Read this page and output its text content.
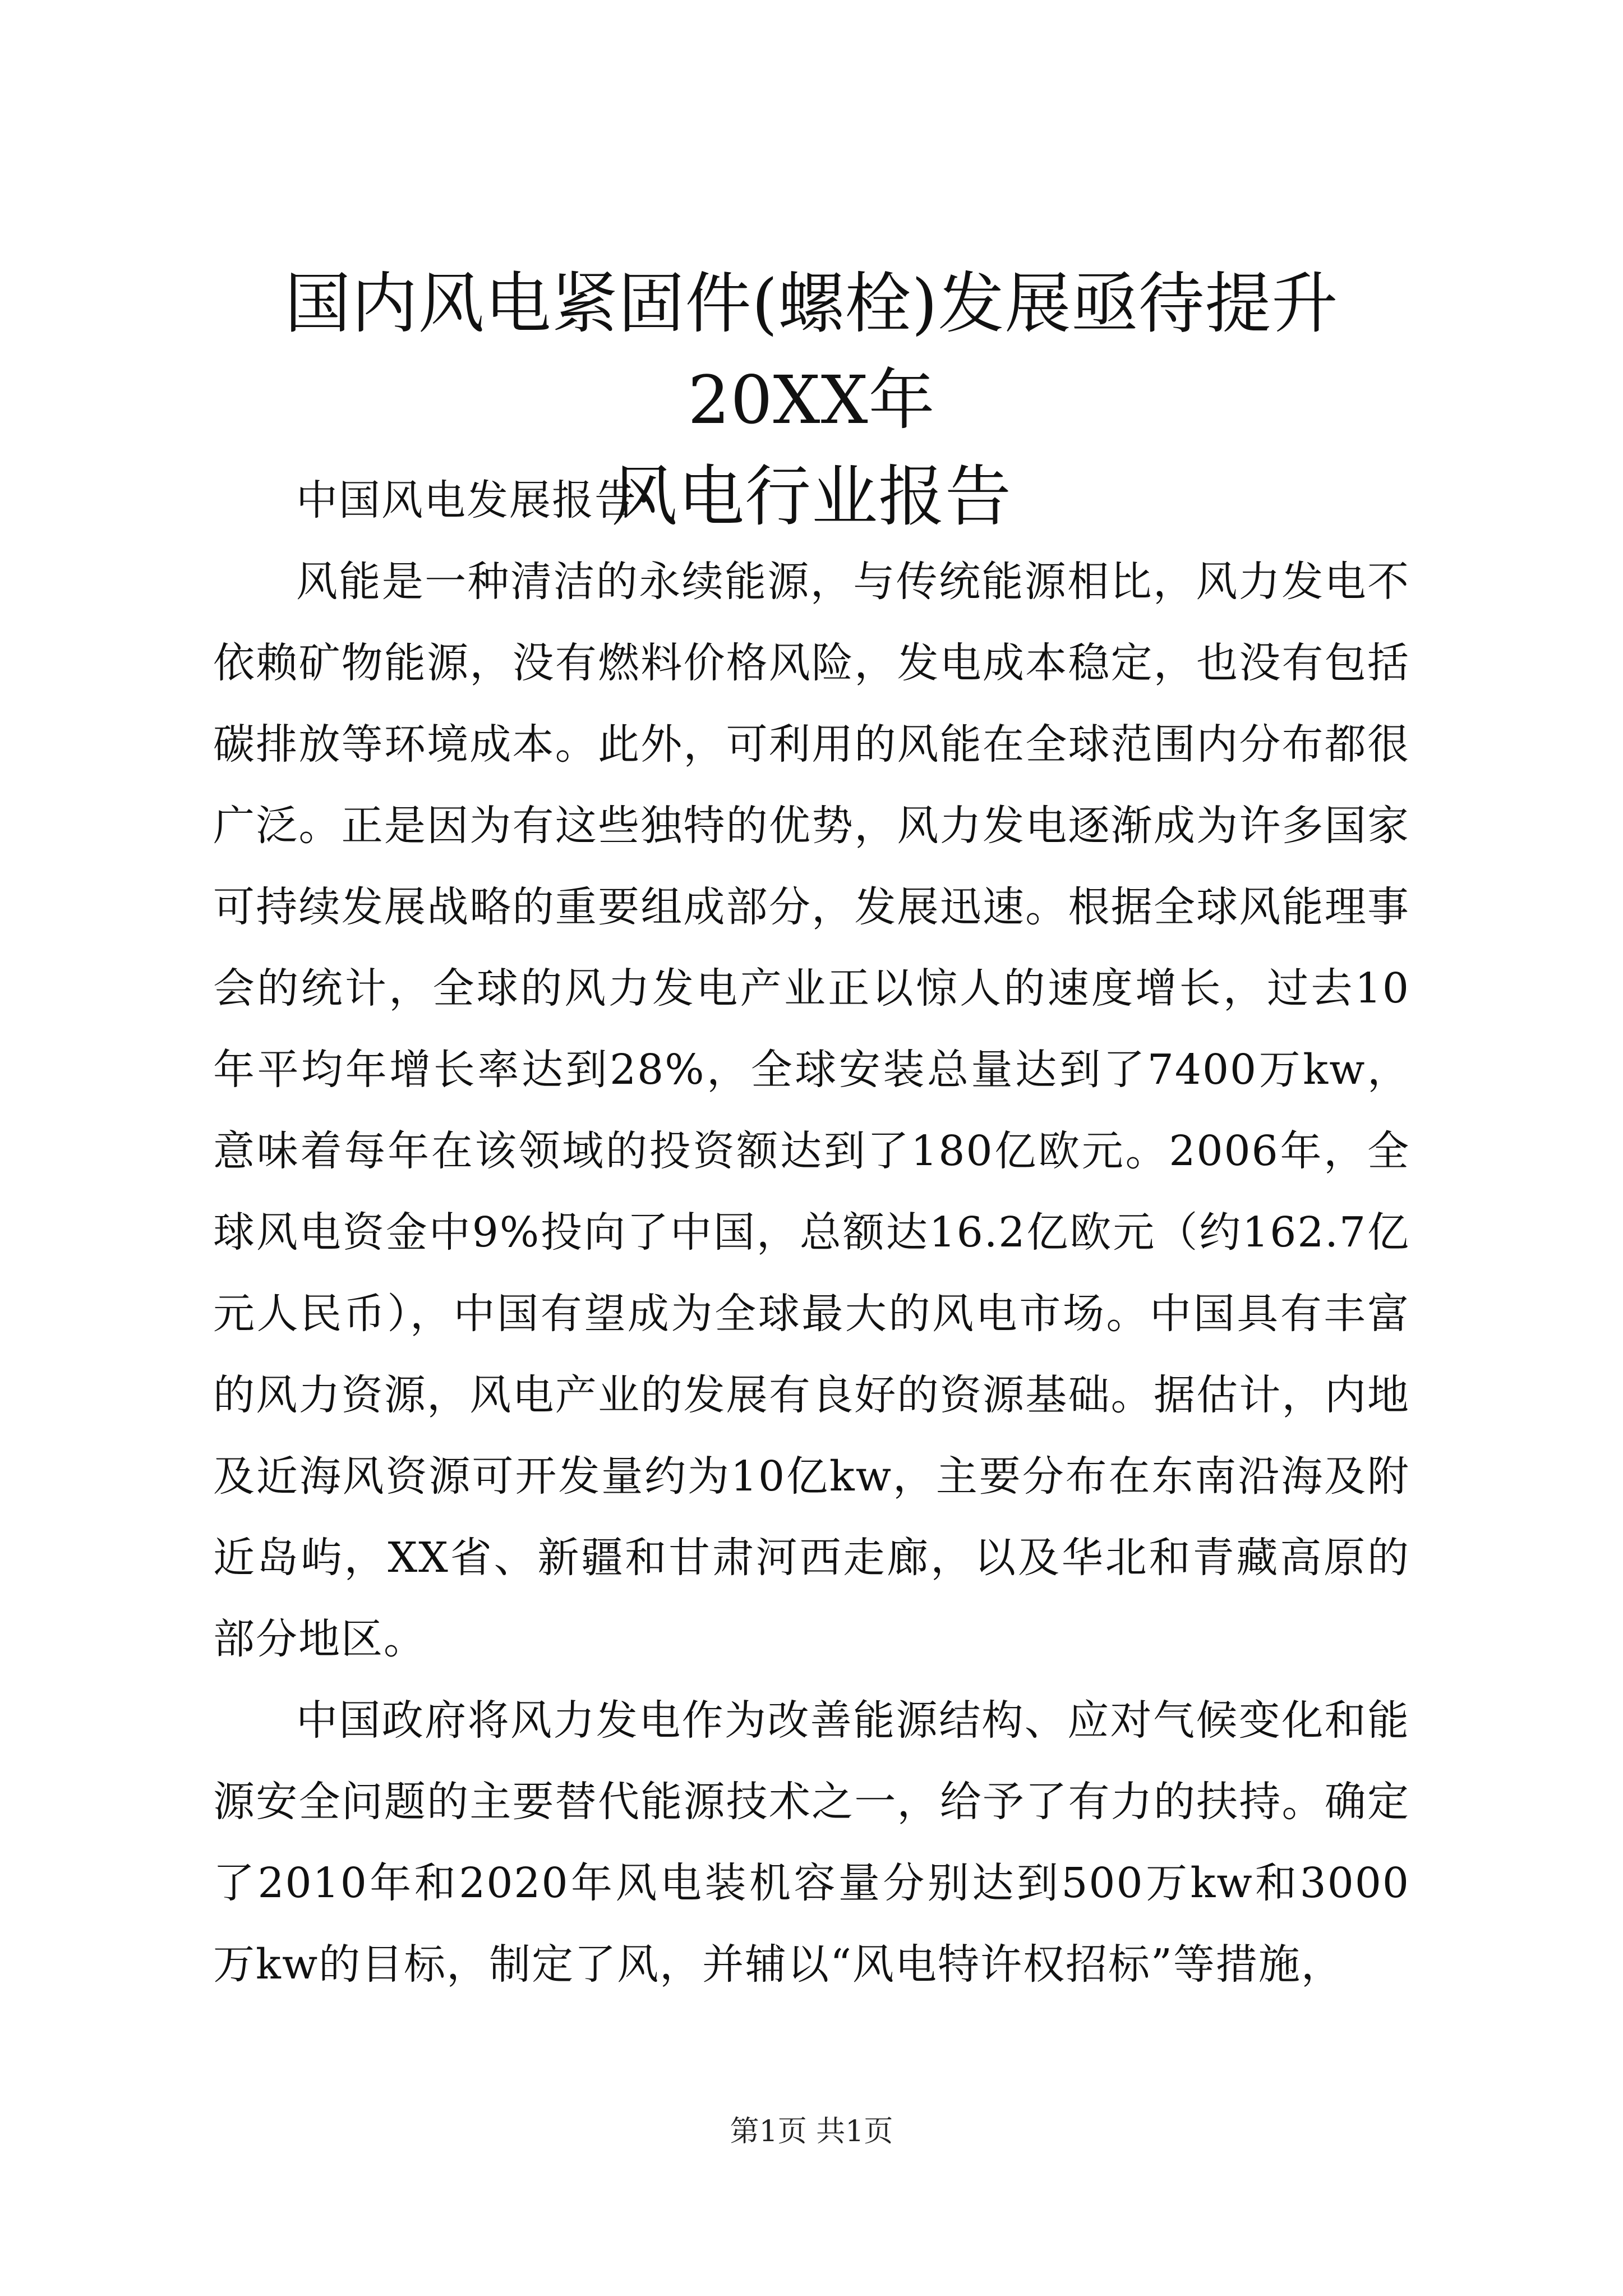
国内风电紧固件(螺栓)发展亟待提升20XX年
风电行业报告

中国风电发展报告·

风能是一种清洁的永续能源，与传统能源相比，风力发电不依赖矿物能源，没有燃料价格风险，发电成本稳定，也没有包括碳排放等环境成本。此外，可利用的风能在全球范围内分布都很广泛。正是因为有这些独特的优势，风力发电逐渐成为许多国家可持续发展战略的重要组成部分，发展迅速。根据全球风能理事会的统计，全球的风力发电产业正以惊人的速度增长，过去10年平均年增长率达到28%，全球安装总量达到了7400万kw，意味着每年在该领域的投资额达到了180亿欧元。2006年，全球风电资金中9%投向了中国，总额达16.2亿欧元（约162.7亿元人民币），中国有望成为全球最大的风电市场。中国具有丰富的风力资源，风电产业的发展有良好的资源基础。据估计，内地及近海风资源可开发量约为10亿kw，主要分布在东南沿海及附近岛屿，XX省、新疆和甘肃河西走廊，以及华北和青藏高原的部分地区。

中国政府将风力发电作为改善能源结构、应对气候变化和能源安全问题的主要替代能源技术之一，给予了有力的扶持。确定了2010年和2020年风电装机容量分别达到500万kw和3000万kw的目标，制定了风，并辅以“风电特许权招标”等措施，

第1页 共1页
